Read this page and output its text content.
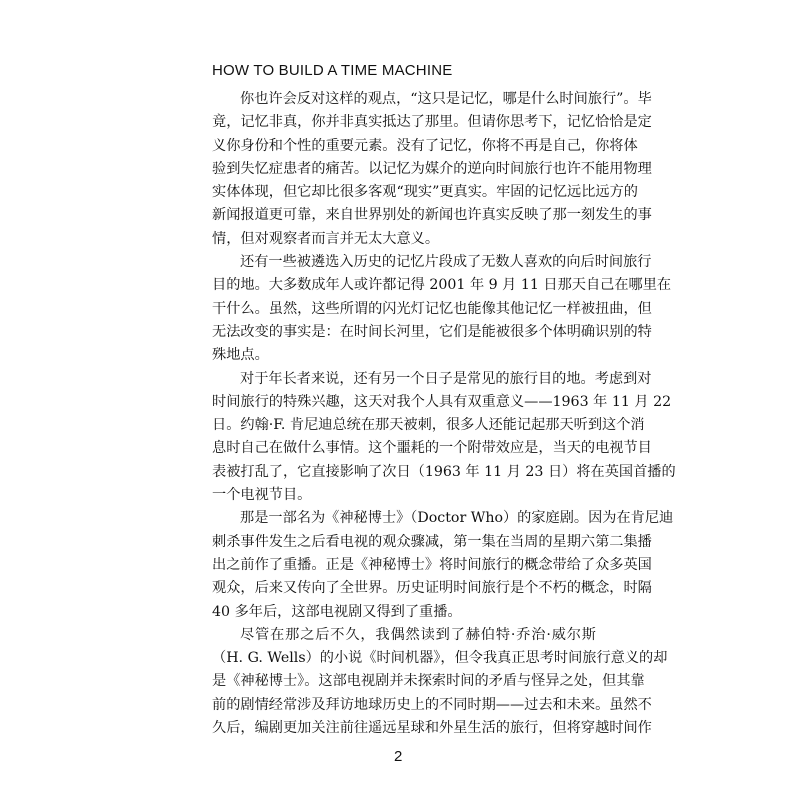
HOW TO BUILD A TIME MACHINE
你也许会反对这样的观点，“这只是记忆，哪是什么时间旅行”。毕
竟，记忆非真，你并非真实抵达了那里。但请你思考下，记忆恰恰是定
义你身份和个性的重要元素。没有了记忆，你将不再是自己，你将体
验到失忆症患者的痛苦。以记忆为媒介的逆向时间旅行也许不能用物理
实体体现，但它却比很多客观“现实”更真实。牢固的记忆远比远方的
新闻报道更可靠，来自世界别处的新闻也许真实反映了那一刻发生的事
情，但对观察者而言并无太大意义。
还有一些被遴选入历史的记忆片段成了无数人喜欢的向后时间旅行
目的地。大多数成年人或许都记得 2001 年 9 月 11 日那天自己在哪里在
干什么。虽然，这些所谓的闪光灯记忆也能像其他记忆一样被扭曲，但
无法改变的事实是：在时间长河里，它们是能被很多个体明确识别的特
殊地点。
对于年长者来说，还有另一个日子是常见的旅行目的地。考虑到对
时间旅行的特殊兴趣，这天对我个人具有双重意义——1963 年 11 月 22
日。约翰·F. 肯尼迪总统在那天被刺，很多人还能记起那天听到这个消
息时自己在做什么事情。这个噩耗的一个附带效应是，当天的电视节目
表被打乱了，它直接影响了次日（1963 年 11 月 23 日）将在英国首播的
一个电视节目。
那是一部名为《神秘博士》（Doctor Who）的家庭剧。因为在肯尼迪
刺杀事件发生之后看电视的观众骤减，第一集在当周的星期六第二集播
出之前作了重播。正是《神秘博士》将时间旅行的概念带给了众多英国
观众，后来又传向了全世界。历史证明时间旅行是个不朽的概念，时隔
40 多年后，这部电视剧又得到了重播。
尽管在那之后不久，我偶然读到了赫伯特·乔治·威尔斯
（H. G. Wells）的小说《时间机器》，但令我真正思考时间旅行意义的却
是《神秘博士》。这部电视剧并未探索时间的矛盾与怪异之处，但其靠
前的剧情经常涉及拜访地球历史上的不同时期——过去和未来。虽然不
久后，编剧更加关注前往遥远星球和外星生活的旅行，但将穿越时间作
2
